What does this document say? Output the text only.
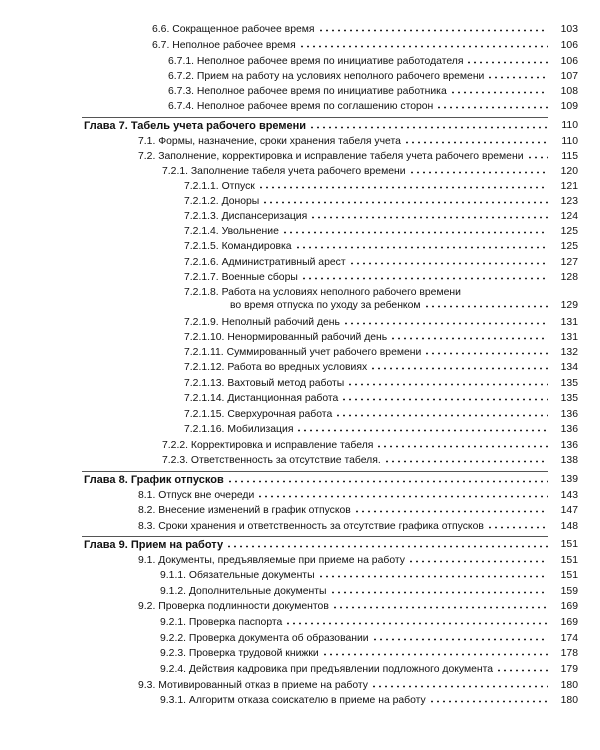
6.6. Сокращенное рабочее время	103
6.7. Неполное рабочее время	106
6.7.1. Неполное рабочее время по инициативе работодателя	106
6.7.2. Прием на работу на условиях неполного рабочего времени	107
6.7.3. Неполное рабочее время по инициативе работника	108
6.7.4. Неполное рабочее время по соглашению сторон	109
Глава 7. Табель учета рабочего времени	110
7.1. Формы, назначение, сроки хранения табеля учета	110
7.2. Заполнение, корректировка и исправление табеля учета рабочего времени	115
7.2.1. Заполнение табеля учета рабочего времени	120
7.2.1.1. Отпуск	121
7.2.1.2. Доноры	123
7.2.1.3. Диспансеризация	124
7.2.1.4. Увольнение	125
7.2.1.5. Командировка	125
7.2.1.6. Административный арест	127
7.2.1.7. Военные сборы	128
7.2.1.8. Работа на условиях неполного рабочего времени
во время отпуска по уходу за ребенком	129
7.2.1.9. Неполный рабочий день	131
7.2.1.10. Ненормированный рабочий день	131
7.2.1.11. Суммированный учет рабочего времени	132
7.2.1.12. Работа во вредных условиях	134
7.2.1.13. Вахтовый метод работы	135
7.2.1.14. Дистанционная работа	135
7.2.1.15. Сверхурочная работа	136
7.2.1.16. Мобилизация	136
7.2.2. Корректировка и исправление табеля	136
7.2.3. Ответственность за отсутствие табеля.	138
Глава 8. График отпусков	139
8.1. Отпуск вне очереди	143
8.2. Внесение изменений в график отпусков	147
8.3. Сроки хранения и ответственность за отсутствие графика отпусков	148
Глава 9. Прием на работу	151
9.1. Документы, предъявляемые при приеме на работу	151
9.1.1. Обязательные документы	151
9.1.2. Дополнительные документы	159
9.2. Проверка подлинности документов	169
9.2.1. Проверка паспорта	169
9.2.2. Проверка документа об образовании	174
9.2.3. Проверка трудовой книжки	178
9.2.4. Действия кадровика при предъявлении подложного документа	179
9.3. Мотивированный отказ в приеме на работу	180
9.3.1. Алгоритм отказа соискателю в приеме на работу	180
